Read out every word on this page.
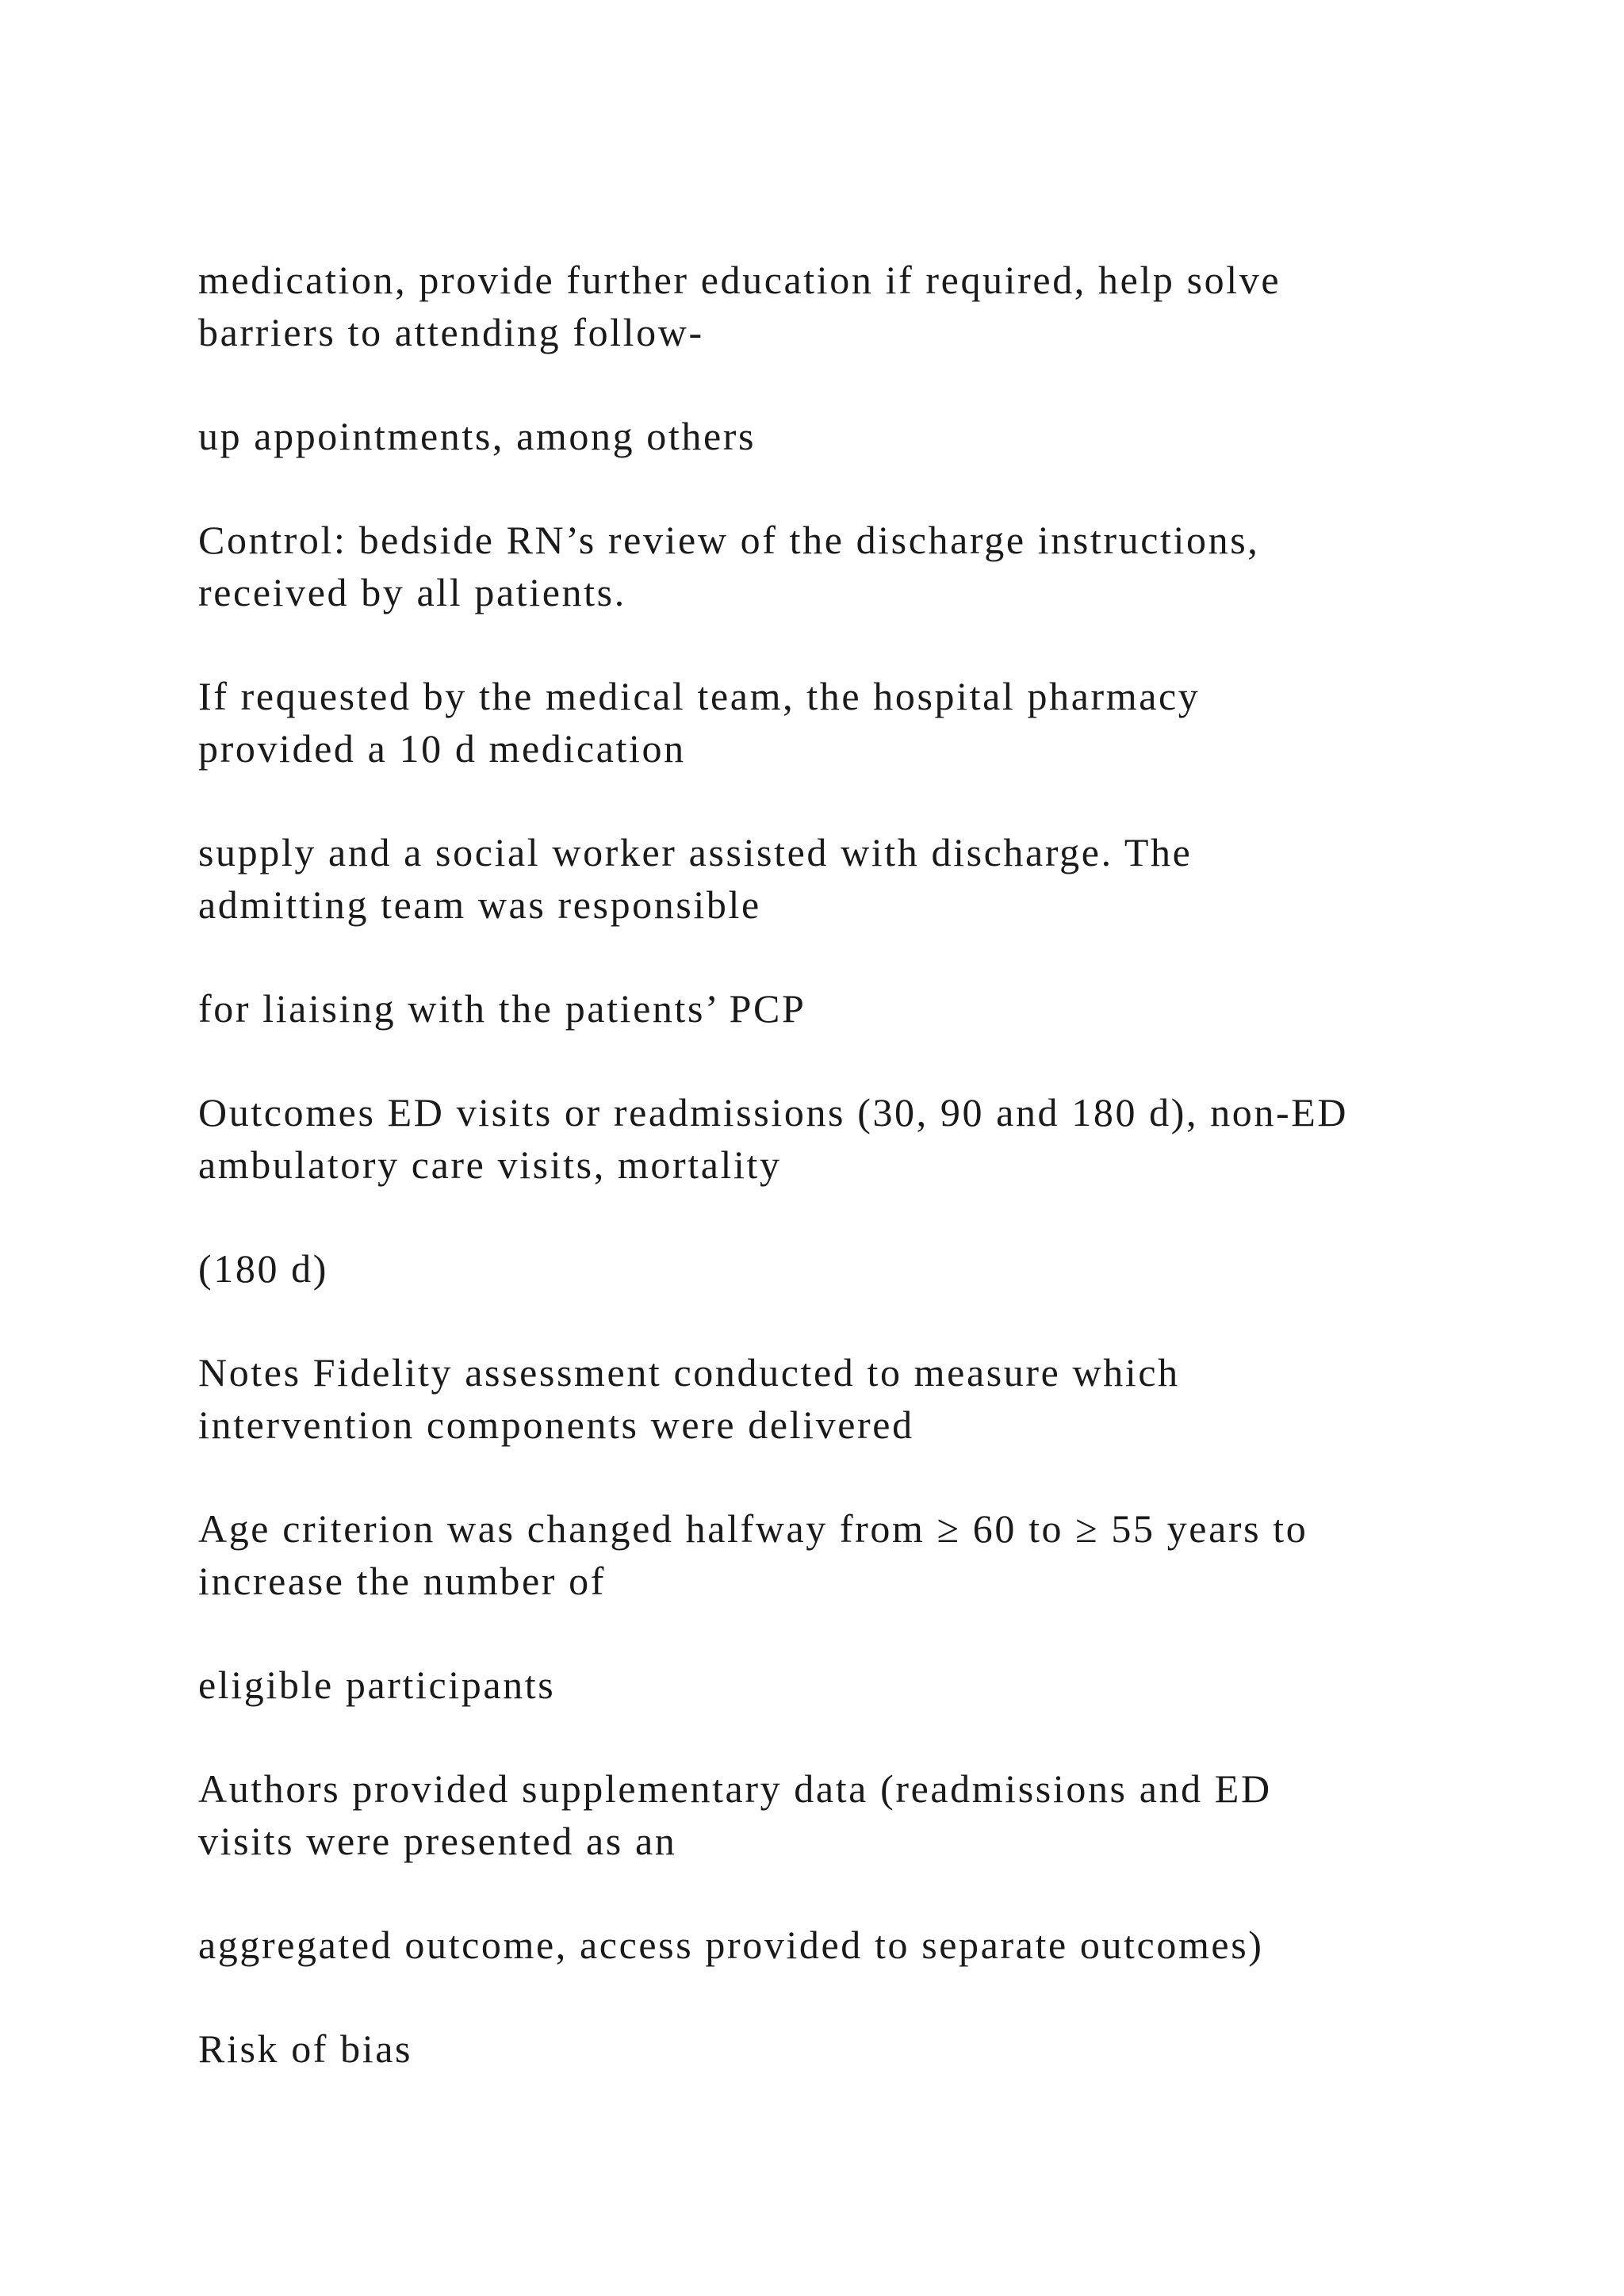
medication, provide further education if required, help solve
barriers to attending follow-

up appointments, among others

Control: bedside RN’s review of the discharge instructions,
received by all patients.

If requested by the medical team, the hospital pharmacy
provided a 10 d medication

supply and a social worker assisted with discharge. The
admitting team was responsible

for liaising with the patients’ PCP

Outcomes ED visits or readmissions (30, 90 and 180 d), non-ED
ambulatory care visits, mortality

(180 d)

Notes Fidelity assessment conducted to measure which
intervention components were delivered

Age criterion was changed halfway from ≥ 60 to ≥ 55 years to
increase the number of

eligible participants

Authors provided supplementary data (readmissions and ED
visits were presented as an

aggregated outcome, access provided to separate outcomes)

Risk of bias
